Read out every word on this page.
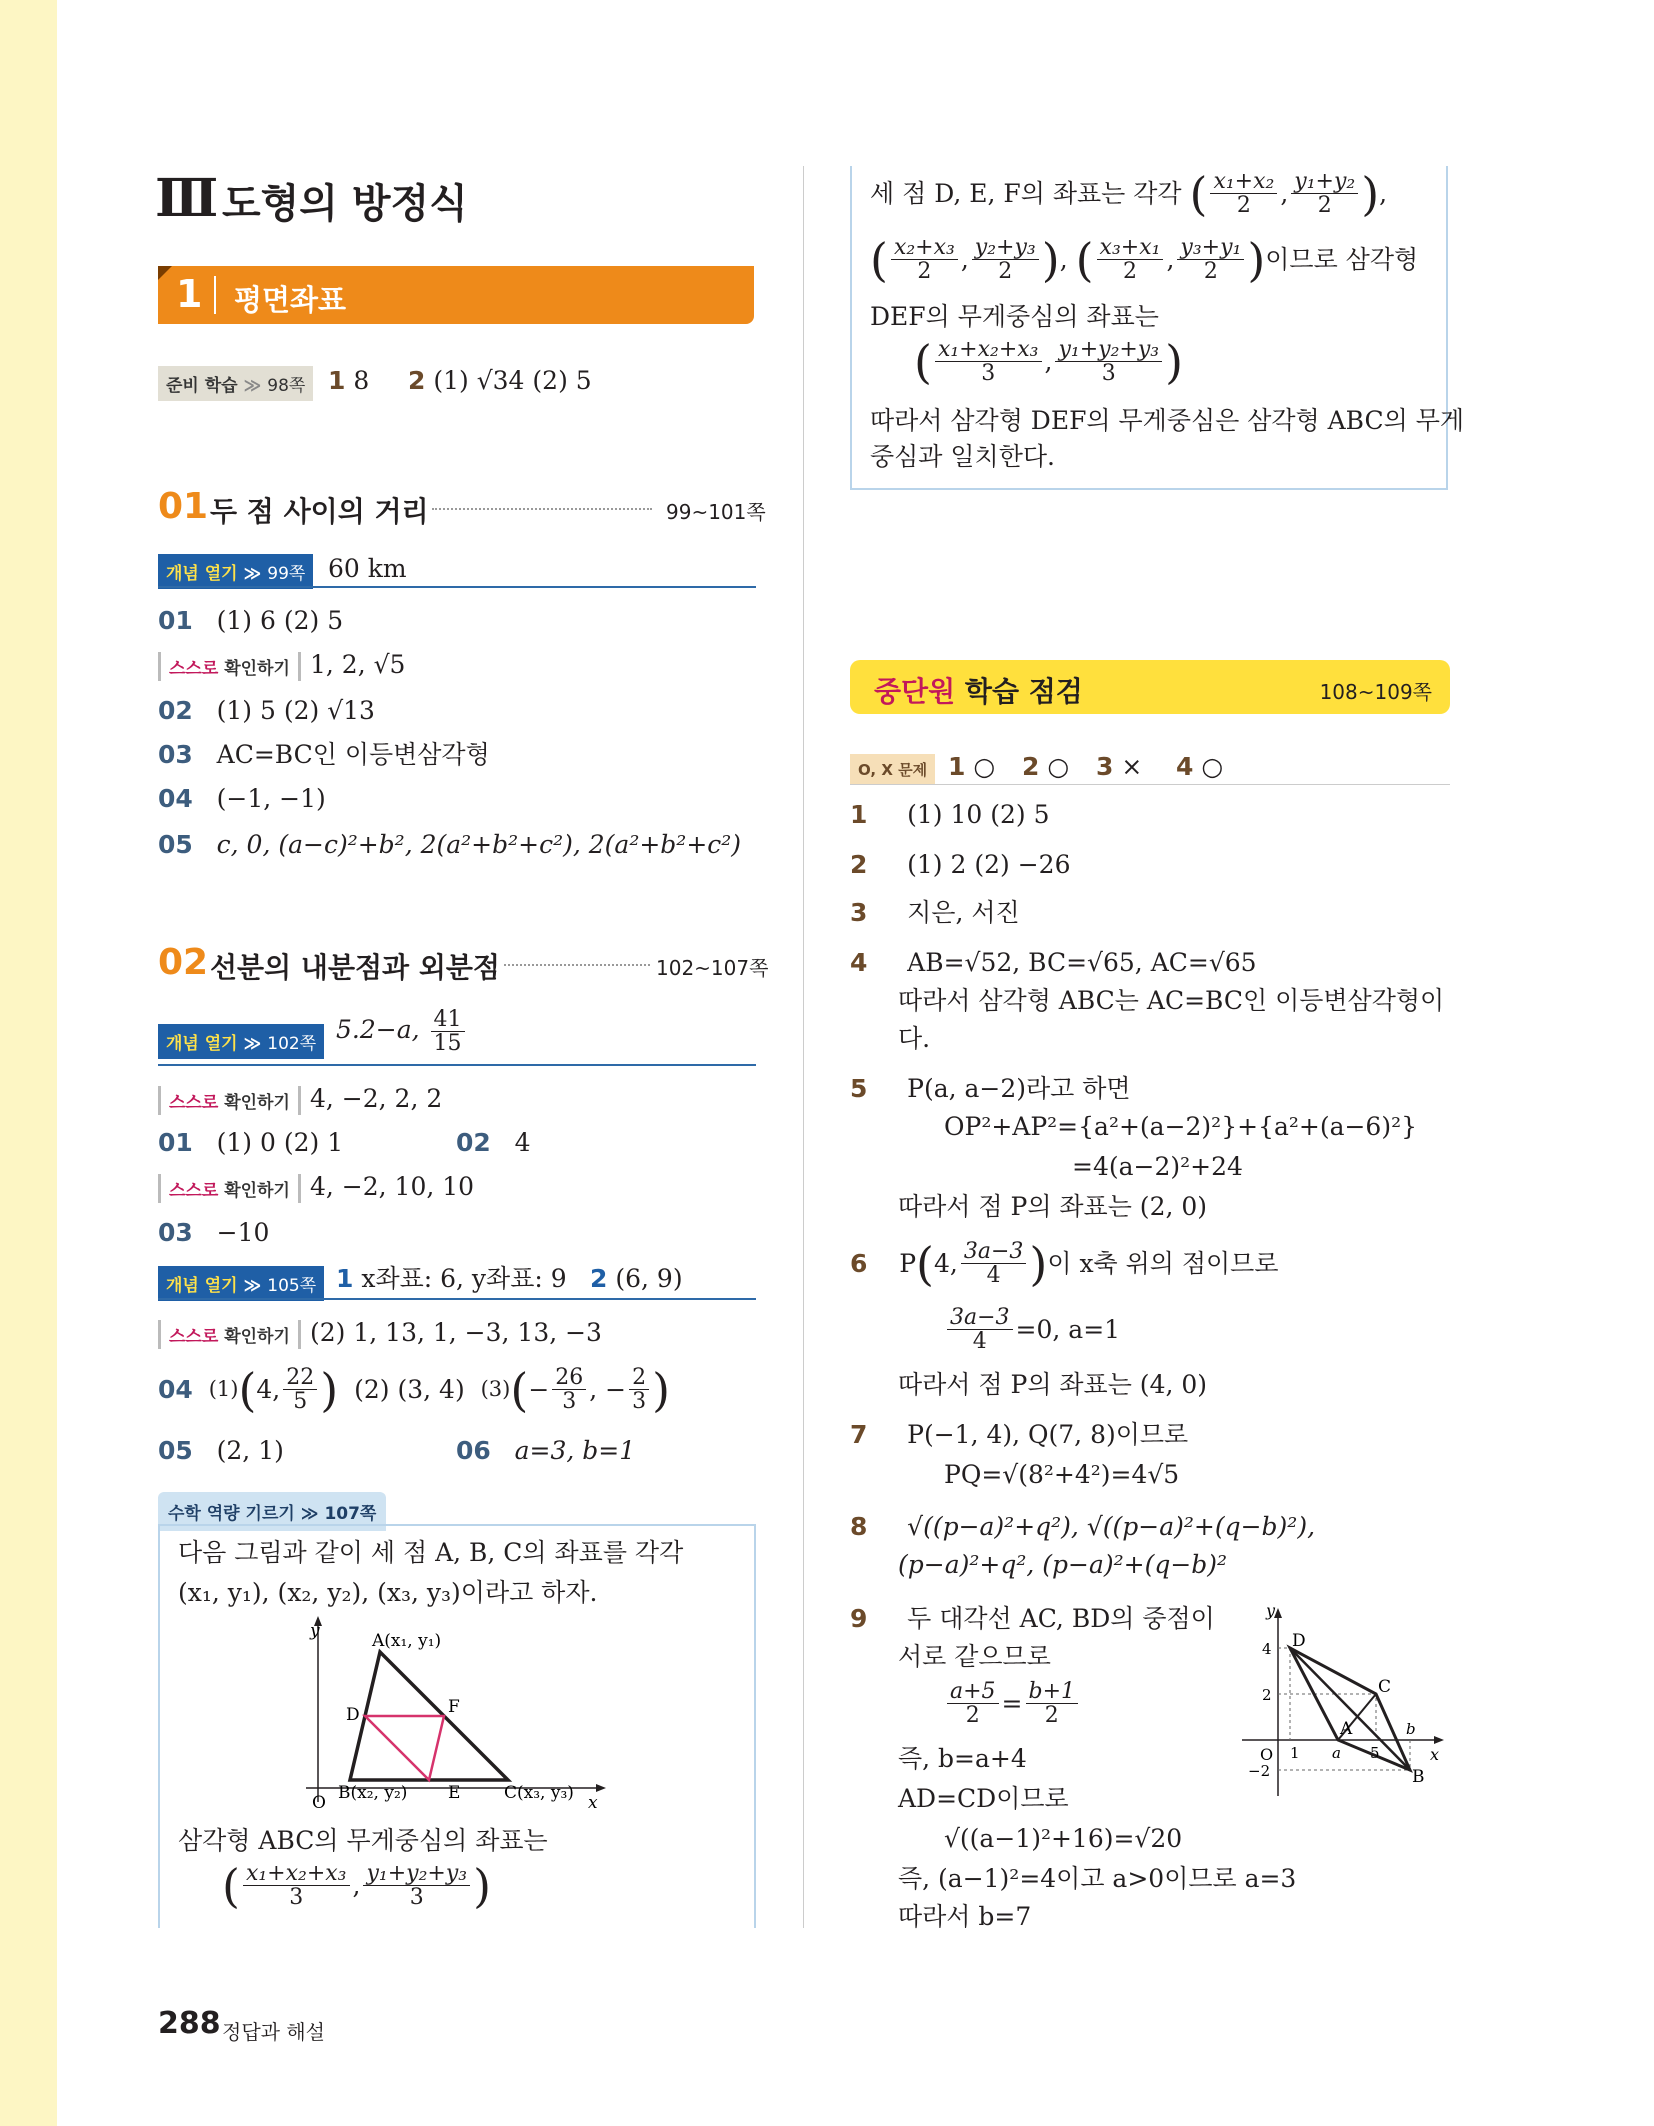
Ⅲ 도형의 방정식
1 평면좌표
준비 학습 ≫ 98쪽 1 8 2 (1) √34 (2) 5
01 두 점 사이의 거리	99~101쪽
개념 열기 ≫ 99쪽 60 km
01 (1) 6 (2) 5
스스로 확인하기 1, 2, √5
02 (1) 5 (2) √13
03 AC=BC인 이등변삼각형
04 (−1, −1)
05 c, 0, (a−c)²+b², 2(a²+b²+c²), 2(a²+b²+c²)
02 선분의 내분점과 외분점	102~107쪽
개념 열기 ≫ 102쪽 5.2−a, $\frac{41}{15}$
스스로 확인하기 4, −2, 2, 2
01 (1) 0 (2) 1	02 4
스스로 확인하기 4, −2, 10, 10
03 −10
개념 열기 ≫ 105쪽 1 x좌표: 6, y좌표: 9 2 (6, 9)
스스로 확인하기 (2) 1, 13, 1, −3, 13, −3
04
(1) ( 4, $\frac{22}{5}$ )
(2) (3, 4)
(3) ( − $\frac{26}{3}$ , − $\frac{2}{3}$ )
05 (2, 1)	06 a=3, b=1
수학 역량 기르기 ≫ 107쪽
다음 그림과 같이 세 점 A, B, C의 좌표를 각각
(x₁, y₁), (x₂, y₂), (x₃, y₃)이라고 하자.
y
x
O
A(x₁, y₁)
B(x₂, y₂)	C(x₃, y₃)
D
E
F
삼각형 ABC의 무게중심의 좌표는
( $\frac{\text{x₁+x₂+x₃}}{3}$ , $\frac{\text{y₁+y₂+y₃}}{3}$ )
세 점 D, E, F의 좌표는 각각
( $\frac{\text{x₁+x₂}}{2}$ , $\frac{\text{y₁+y₂}}{2}$ ) ,
( $\frac{\text{x₂+x₃}}{2}$ , $\frac{\text{y₂+y₃}}{2}$ ) , ( $\frac{\text{x₃+x₁}}{2}$ , $\frac{\text{y₃+y₁}}{2}$ ) 이므로 삼각형
DEF의 무게중심의 좌표는
( $\frac{\text{x₁+x₂+x₃}}{3}$ , $\frac{\text{y₁+y₂+y₃}}{3}$ )
따라서 삼각형 DEF의 무게중심은 삼각형 ABC의 무게
중심과 일치한다.
중단원 학습 점검	108~109쪽
O, X 문제 1 ○ 2 ○ 3 × 4 ○
1 (1) 10 (2) 5
2 (1) 2 (2) −26
3 지은, 서진
4 AB=√52, BC=√65, AC=√65
따라서 삼각형 ABC는 AC=BC인 이등변삼각형이
다.
5 P(a, a−2)라고 하면
OP²+AP²={a²+(a−2)²}+{a²+(a−6)²}
=4(a−2)²+24
따라서 점 P의 좌표는 (2, 0)
6
P ( 4, $\frac{3a-3}{4}$ ) 이 x축 위의 점이므로
$\frac{3a-3}{4} =0$, a=1
따라서 점 P의 좌표는 (4, 0)
7 P(−1, 4), Q(7, 8)이므로
PQ=√(8²+4²)=4√5
8 √((p−a)²+q²), √((p−a)²+(q−b)²),
(p−a)²+q², (p−a)²+(q−b)²
9 두 대각선 AC, BD의 중점이
서로 같으므로
$\frac{a+5}{2} = \frac{b+1}{2}$
즉, b=a+4
AD=CD이므로
√((a−1)²+16)=√20
즉, (a−1)²=4이고 a>0이므로 a=3
따라서 b=7
y
x
O
4
2
−2
1 a 5
b
D
C
A
B
288 정답과 해설
